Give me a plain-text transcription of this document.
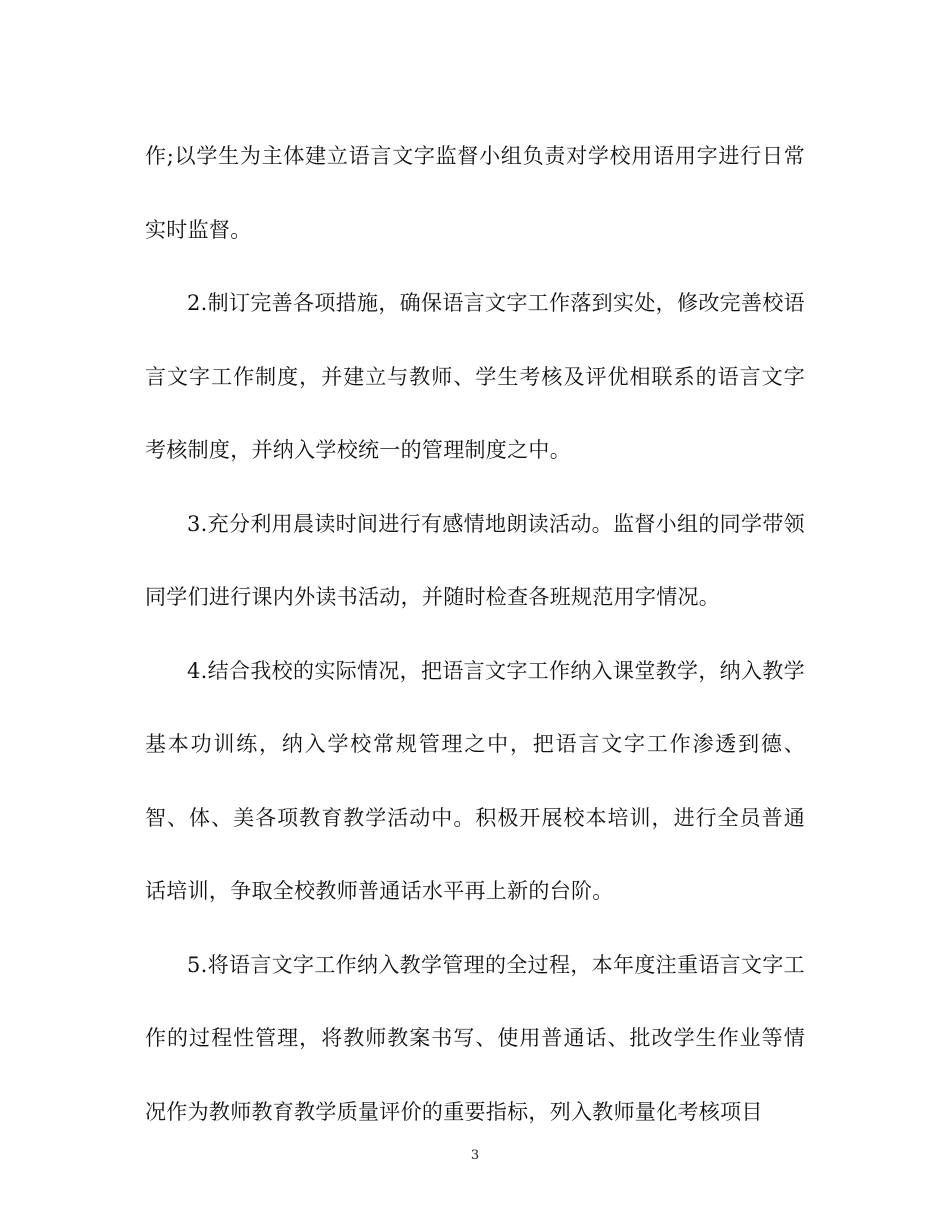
作;以学生为主体建立语言文字监督小组负责对学校用语用字进行日常实时监督。

2.制订完善各项措施，确保语言文字工作落到实处，修改完善校语言文字工作制度，并建立与教师、学生考核及评优相联系的语言文字考核制度，并纳入学校统一的管理制度之中。

3.充分利用晨读时间进行有感情地朗读活动。监督小组的同学带领同学们进行课内外读书活动，并随时检查各班规范用字情况。

4.结合我校的实际情况，把语言文字工作纳入课堂教学，纳入教学基本功训练，纳入学校常规管理之中，把语言文字工作渗透到德、智、体、美各项教育教学活动中。积极开展校本培训，进行全员普通话培训，争取全校教师普通话水平再上新的台阶。

5.将语言文字工作纳入教学管理的全过程，本年度注重语言文字工作的过程性管理，将教师教案书写、使用普通话、批改学生作业等情况作为教师教育教学质量评价的重要指标，列入教师量化考核项目

3
